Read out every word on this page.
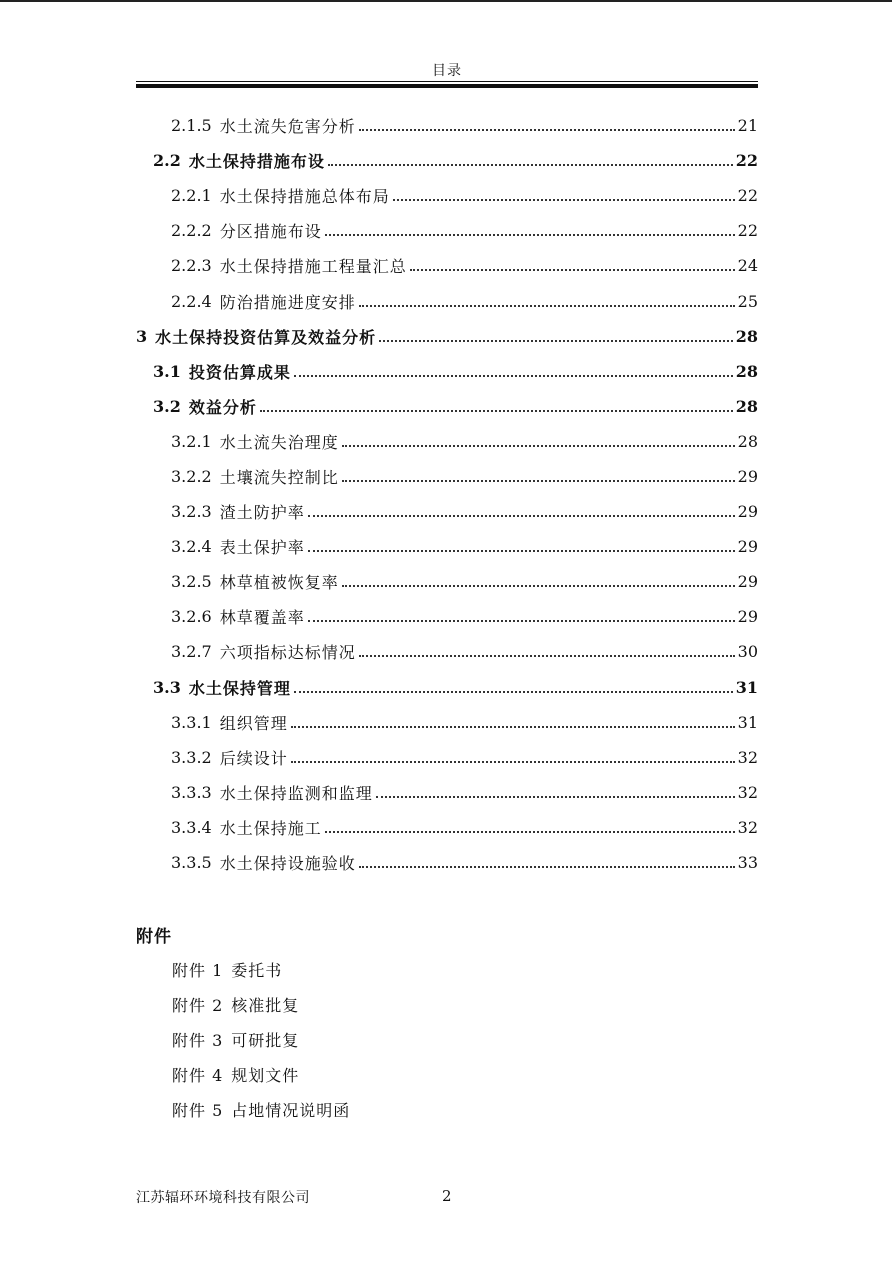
目录
2.1.5 水土流失危害分析	21
2.2 水土保持措施布设	22
2.2.1 水土保持措施总体布局	22
2.2.2 分区措施布设	22
2.2.3 水土保持措施工程量汇总	24
2.2.4 防治措施进度安排	25
3 水土保持投资估算及效益分析	28
3.1 投资估算成果	28
3.2 效益分析	28
3.2.1 水土流失治理度	28
3.2.2 土壤流失控制比	29
3.2.3 渣土防护率	29
3.2.4 表土保护率	29
3.2.5 林草植被恢复率	29
3.2.6 林草覆盖率	29
3.2.7 六项指标达标情况	30
3.3 水土保持管理	31
3.3.1 组织管理	31
3.3.2 后续设计	32
3.3.3 水土保持监测和监理	32
3.3.4 水土保持施工	32
3.3.5 水土保持设施验收	33
附件
附件 1 委托书
附件 2 核准批复
附件 3 可研批复
附件 4 规划文件
附件 5 占地情况说明函
江苏辐环环境科技有限公司	2
